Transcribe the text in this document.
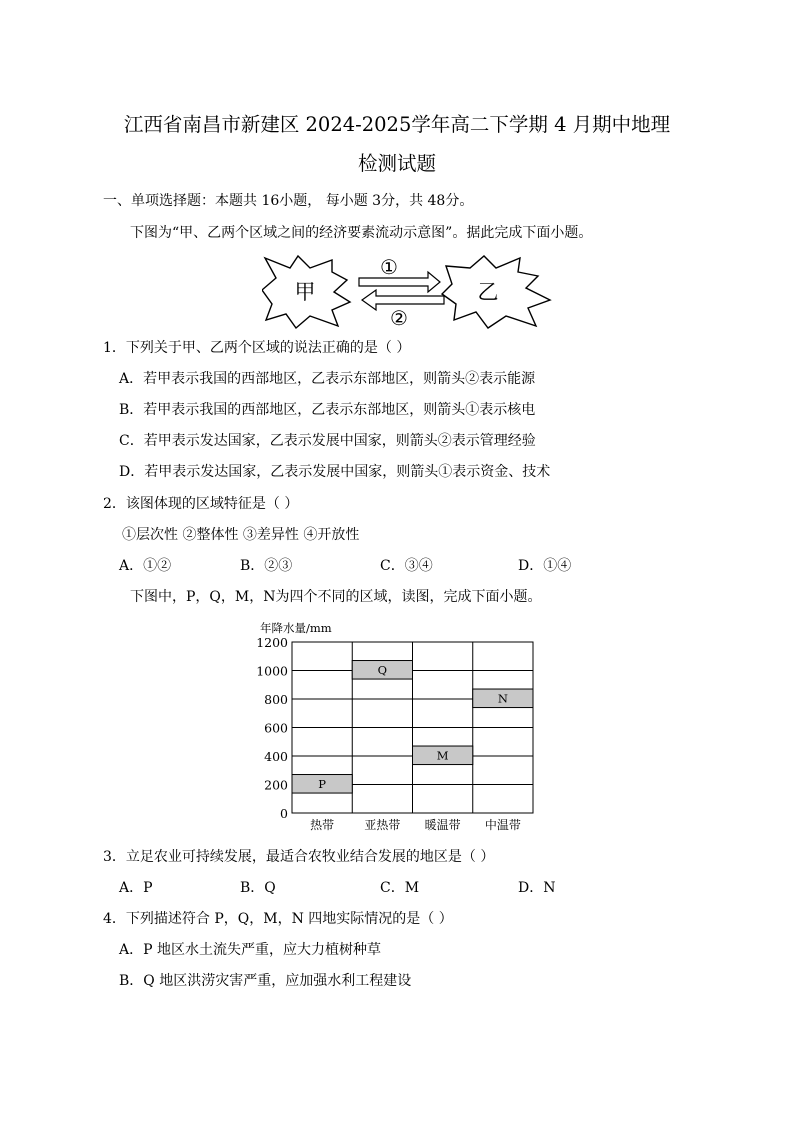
江西省南昌市新建区 2024-2025学年高二下学期 4 月期中地理
检测试题
一、单项选择题：本题共 16小题， 每小题 3分，共 48分。
下图为“甲、乙两个区域之间的经济要素流动示意图”。据此完成下面小题。
甲	乙
①
②
1．下列关于甲、乙两个区域的说法正确的是（ ）
A．若甲表示我国的西部地区，乙表示东部地区，则箭头②表示能源
B．若甲表示我国的西部地区，乙表示东部地区，则箭头①表示核电
C．若甲表示发达国家，乙表示发展中国家，则箭头②表示管理经验
D．若甲表示发达国家，乙表示发展中国家，则箭头①表示资金、技术
2．该图体现的区域特征是（ ）
①层次性 ②整体性 ③差异性 ④开放性
A．①②	B．②③	C．③④	D．①④
下图中，P，Q，M，N为四个不同的区域，读图，完成下面小题。
年降水量/mm
P
Q
M
N
0
200
400
600
800
1000
1200
热带	亚热带 暖温带 中温带
3．立足农业可持续发展，最适合农牧业结合发展的地区是（ ）
A．P	B．Q	C．M	D．N
4．下列描述符合 P，Q，M，N 四地实际情况的是（ ）
A．P 地区水土流失严重，应大力植树种草
B．Q 地区洪涝灾害严重，应加强水利工程建设
